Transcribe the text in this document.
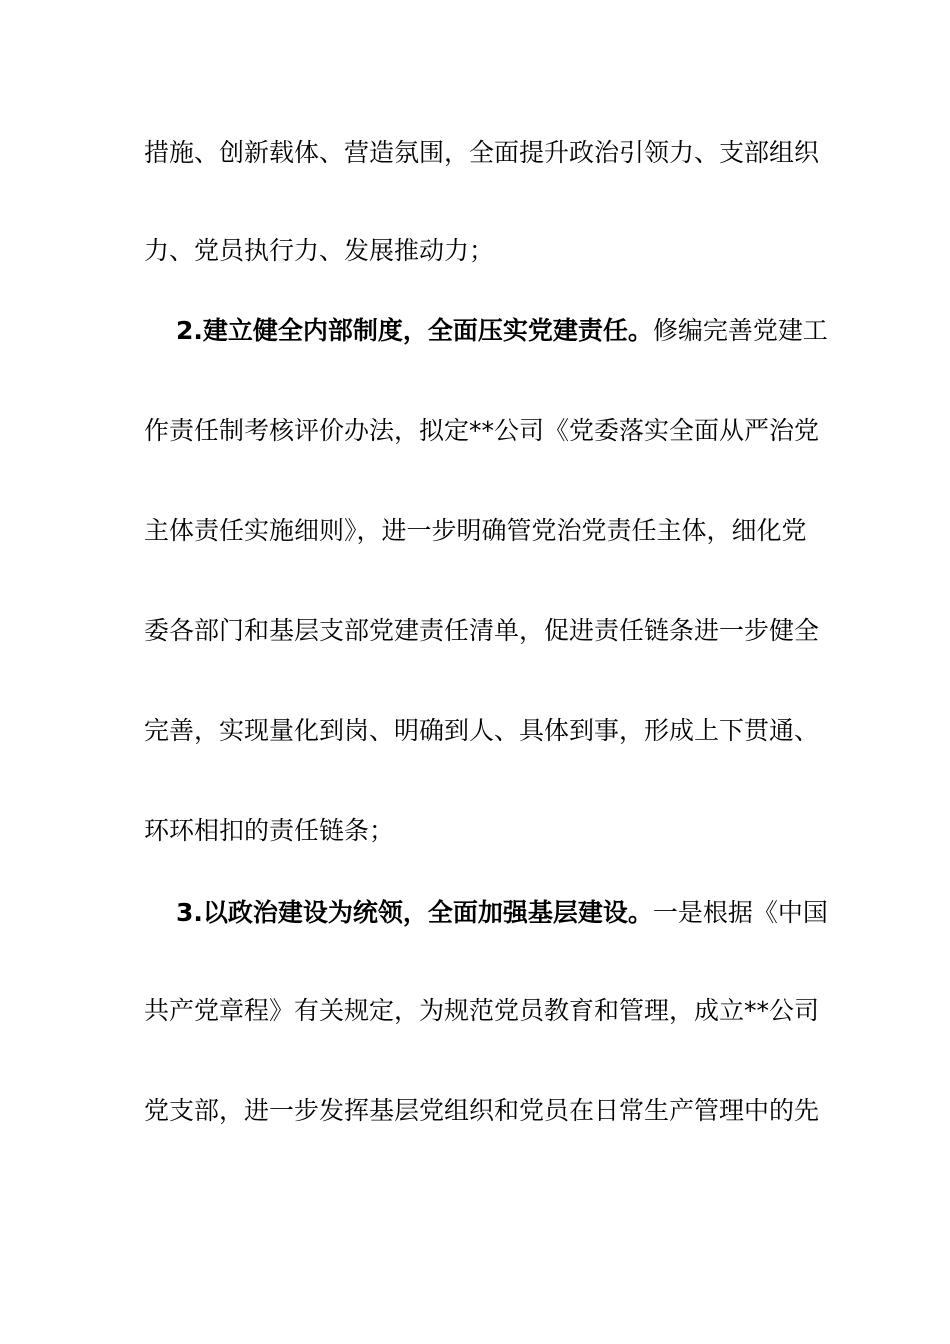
措施、创新载体、营造氛围，全面提升政治引领力、支部组织
力、党员执行力、发展推动力；
2.建立健全内部制度，全面压实党建责任。修编完善党建工
作责任制考核评价办法，拟定**公司《党委落实全面从严治党
主体责任实施细则》，进一步明确管党治党责任主体，细化党
委各部门和基层支部党建责任清单，促进责任链条进一步健全
完善，实现量化到岗、明确到人、具体到事，形成上下贯通、
环环相扣的责任链条；
3.以政治建设为统领，全面加强基层建设。一是根据《中国
共产党章程》有关规定，为规范党员教育和管理，成立**公司
党支部，进一步发挥基层党组织和党员在日常生产管理中的先
